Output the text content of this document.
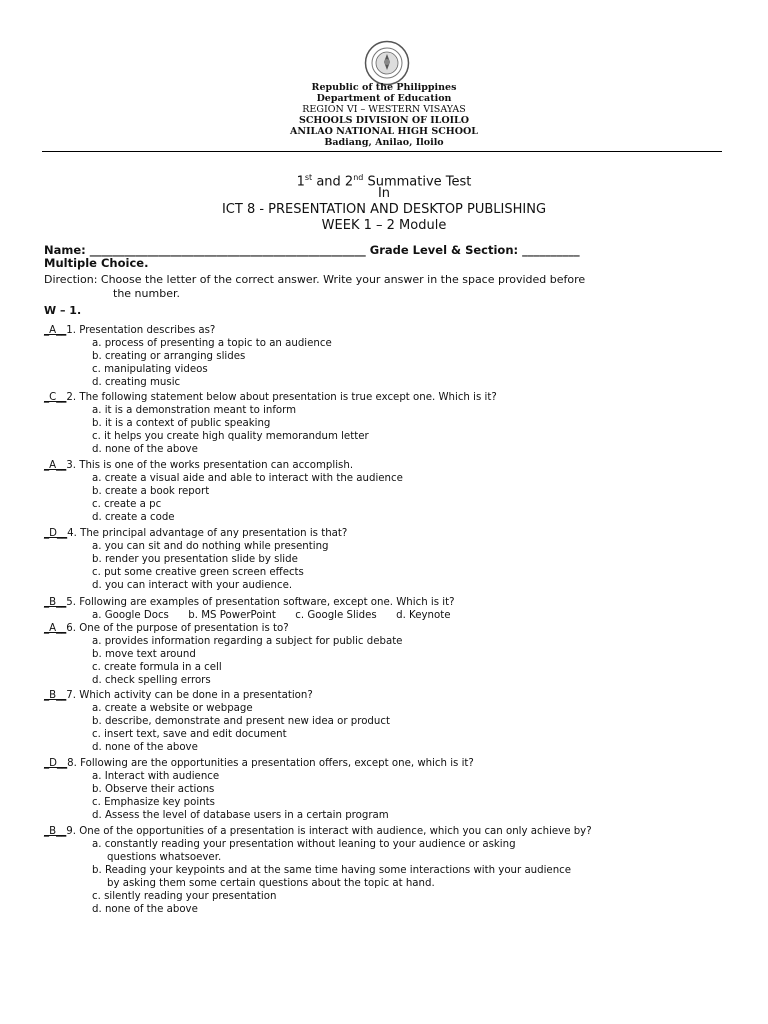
Republic of the Philippines
Department of Education
REGION VI – WESTERN VISAYAS
SCHOOLS DIVISION OF ILOILO
ANILAO NATIONAL HIGH SCHOOL
Badiang, Anilao, Iloilo
1st and 2nd Summative Test
In
ICT 8 - PRESENTATION AND DESKTOP PUBLISHING
WEEK 1 – 2 Module
Name: ________________________________________________ Grade Level & Section: __________
Multiple Choice.
Direction: Choose the letter of the correct answer. Write your answer in the space provided before
the number.
W – 1.
_A__1. Presentation describes as?
a. process of presenting a topic to an audience
b. creating or arranging slides
c. manipulating videos
d. creating music
_C__2. The following statement below about presentation is true except one. Which is it?
a. it is a demonstration meant to inform
b. it is a context of public speaking
c. it helps you create high quality memorandum letter
d. none of the above
_A__3. This is one of the works presentation can accomplish.
a. create a visual aide and able to interact with the audience
b. create a book report
c. create a pc
d. create a code
_D__4. The principal advantage of any presentation is that?
a. you can sit and do nothing while presenting
b. render you presentation slide by slide
c. put some creative green screen effects
d. you can interact with your audience.
_B__5. Following are examples of presentation software, except one. Which is it?
a. Google Docs      b. MS PowerPoint      c. Google Slides      d. Keynote
_A__6. One of the purpose of presentation is to?
a. provides information regarding a subject for public debate
b. move text around
c. create formula in a cell
d. check spelling errors
_B__7. Which activity can be done in a presentation?
a. create a website or webpage
b. describe, demonstrate and present new idea or product
c. insert text, save and edit document
d. none of the above
_D__8. Following are the opportunities a presentation offers, except one, which is it?
a. Interact with audience
b. Observe their actions
c. Emphasize key points
d. Assess the level of database users in a certain program
_B__9. One of the opportunities of a presentation is interact with audience, which you can only achieve by?
a. constantly reading your presentation without leaning to your audience or asking
questions whatsoever.
b. Reading your keypoints and at the same time having some interactions with your audience
by asking them some certain questions about the topic at hand.
c. silently reading your presentation
d. none of the above
